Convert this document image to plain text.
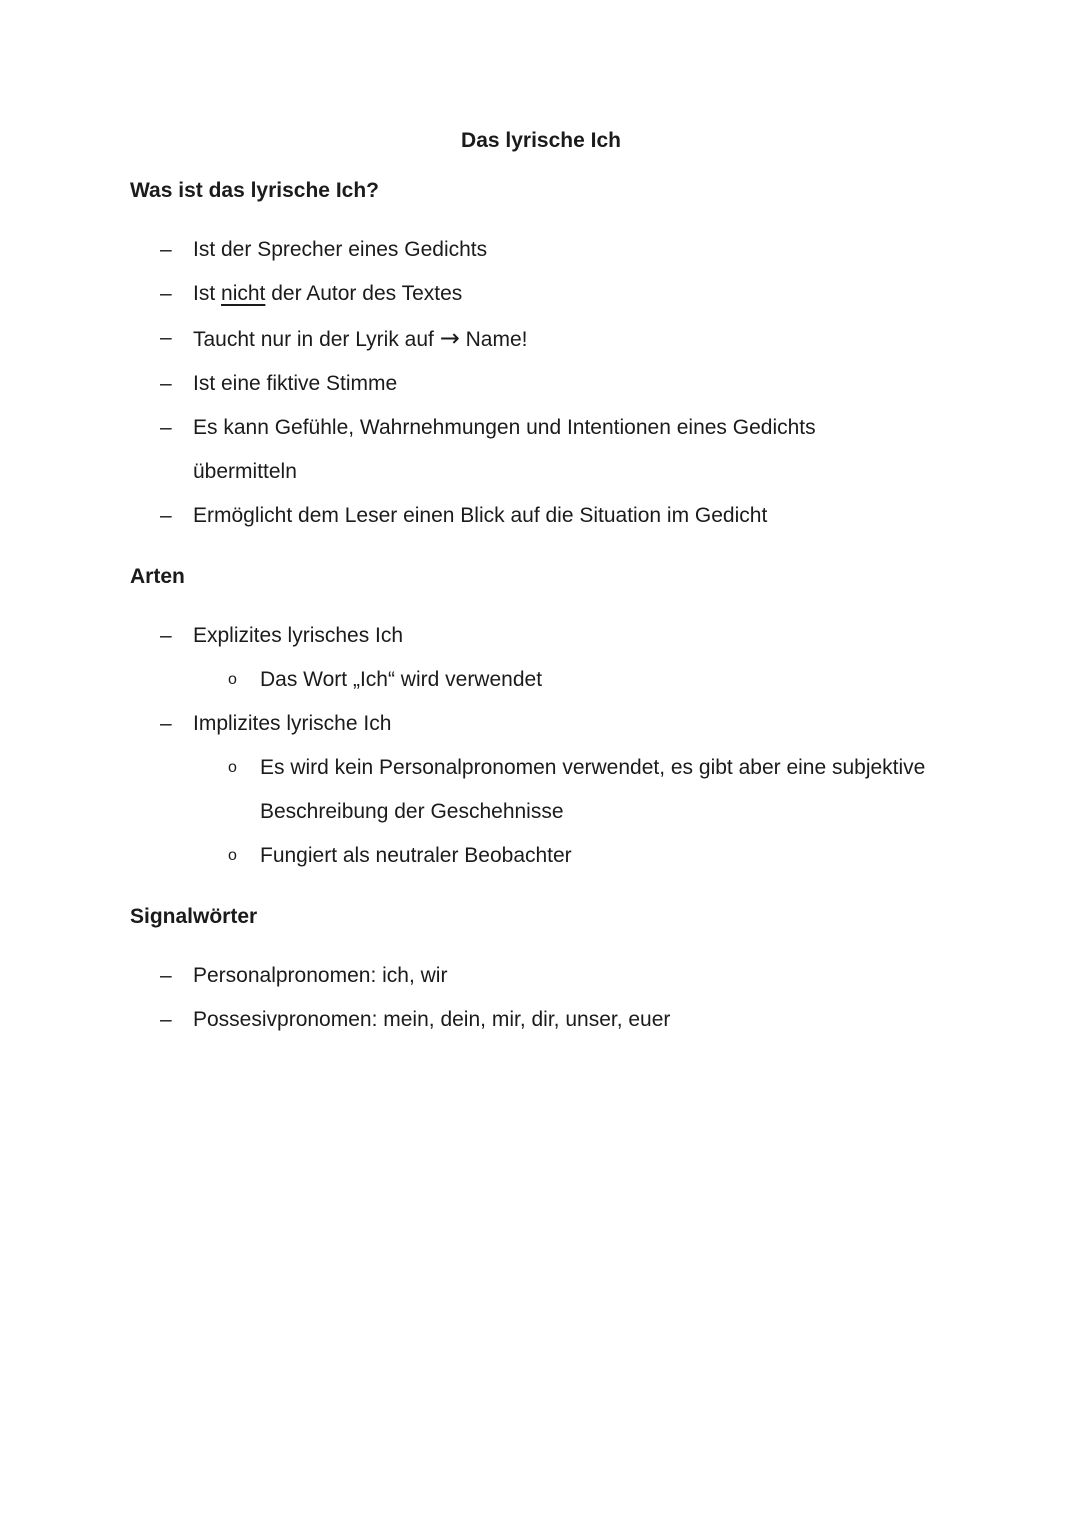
Das lyrische Ich
Was ist das lyrische Ich?
–	Ist der Sprecher eines Gedichts
–	Ist nicht der Autor des Textes
–	Taucht nur in der Lyrik auf → Name!
–	Ist eine fiktive Stimme
–	Es kann Gefühle, Wahrnehmungen und Intentionen eines Gedichts
übermitteln
–	Ermöglicht dem Leser einen Blick auf die Situation im Gedicht
Arten
–	Explizites lyrisches Ich
o	Das Wort „Ich“ wird verwendet
–	Implizites lyrische Ich
o	Es wird kein Personalpronomen verwendet, es gibt aber eine subjektive
Beschreibung der Geschehnisse
o	Fungiert als neutraler Beobachter
Signalwörter
–	Personalpronomen: ich, wir
–	Possesivpronomen: mein, dein, mir, dir, unser, euer
